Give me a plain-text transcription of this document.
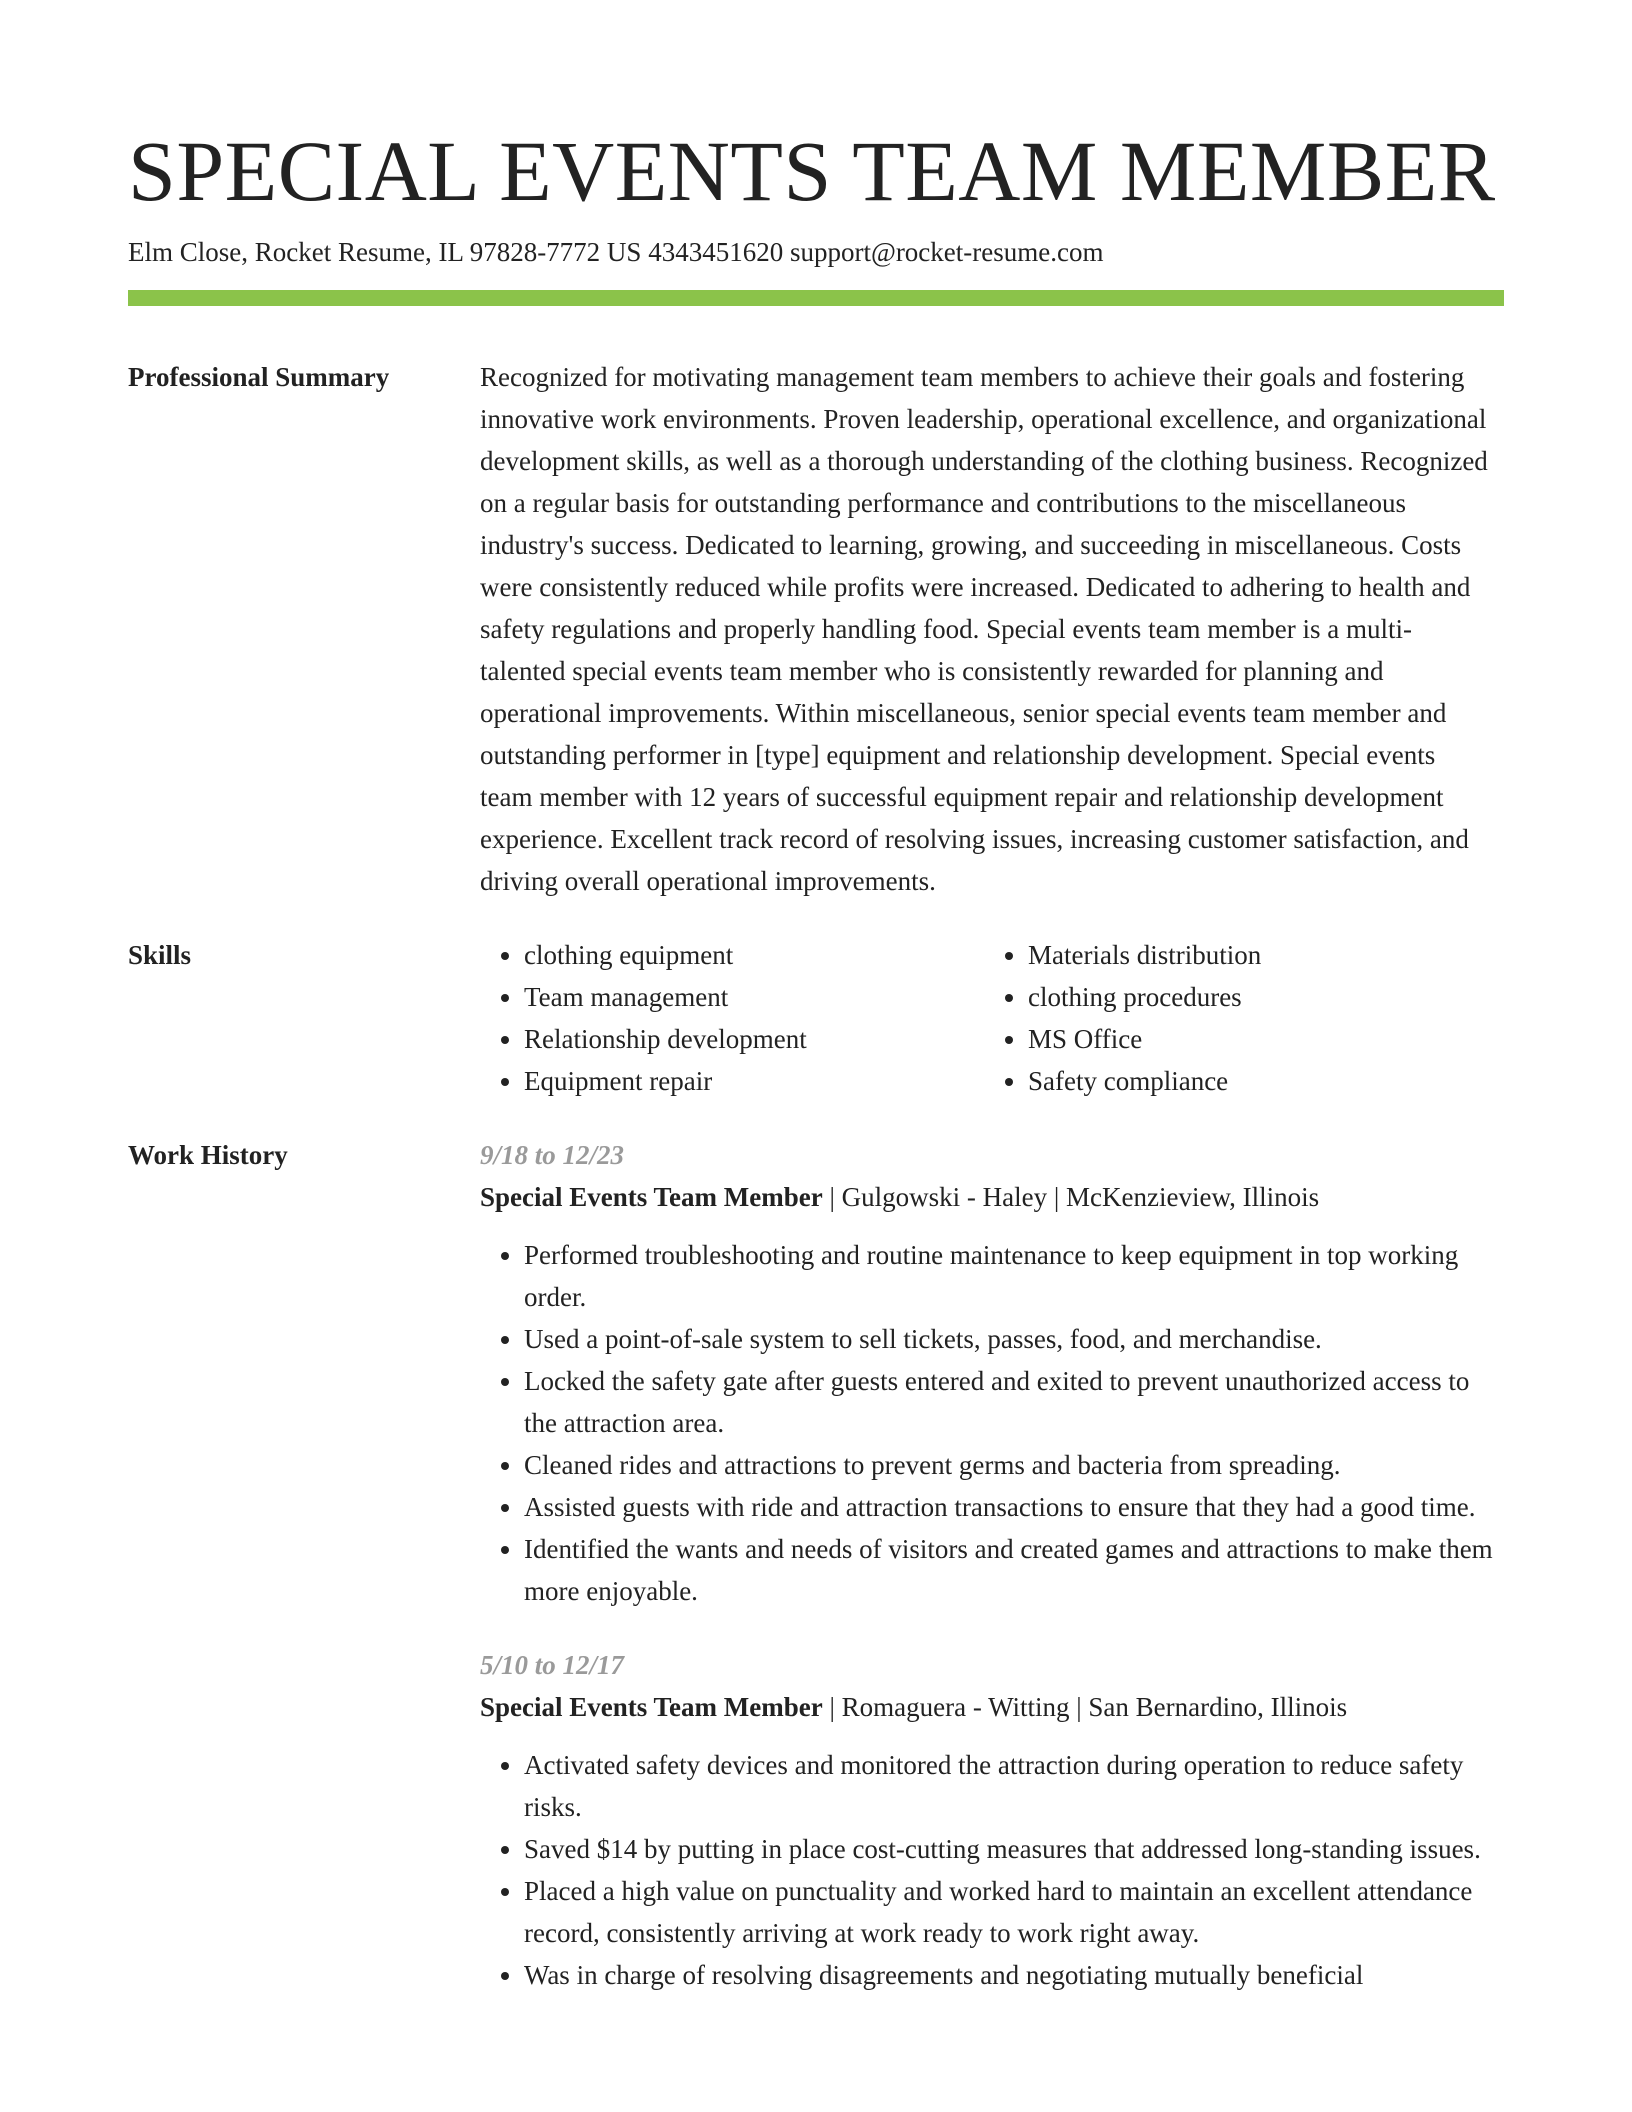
SPECIAL EVENTS TEAM MEMBER
Elm Close, Rocket Resume, IL 97828-7772 US 4343451620 support@rocket-resume.com
Professional Summary	Recognized for motivating management team members to achieve their goals and fostering innovative work environments. Proven leadership, operational excellence, and organizational development skills, as well as a thorough understanding of the clothing business. Recognized on a regular basis for outstanding performance and contributions to the miscellaneous industry's success. Dedicated to learning, growing, and succeeding in miscellaneous. Costs were consistently reduced while profits were increased. Dedicated to adhering to health and safety regulations and properly handling food. Special events team member is a multi-talented special events team member who is consistently rewarded for planning and operational improvements. Within miscellaneous, senior special events team member and outstanding performer in [type] equipment and relationship development. Special events team member with 12 years of successful equipment repair and relationship development experience. Excellent track record of resolving issues, increasing customer satisfaction, and driving overall operational improvements.

Skills
•	clothing equipment
• Team management
• Relationship development
• Equipment repair
• Materials distribution
• clothing procedures
• MS Office
• Safety compliance
Work History	9/18 to 12/23
Special Events Team Member | Gulgowski - Haley | McKenzieview, Illinois
• Performed troubleshooting and routine maintenance to keep equipment in top working order.
• Used a point-of-sale system to sell tickets, passes, food, and merchandise.
• Locked the safety gate after guests entered and exited to prevent unauthorized access to the attraction area.
• Cleaned rides and attractions to prevent germs and bacteria from spreading.
• Assisted guests with ride and attraction transactions to ensure that they had a good time.
• Identified the wants and needs of visitors and created games and attractions to make them more enjoyable.
5/10 to 12/17
Special Events Team Member | Romaguera - Witting | San Bernardino, Illinois
• Activated safety devices and monitored the attraction during operation to reduce safety risks.
• Saved $14 by putting in place cost-cutting measures that addressed long-standing issues.
• Placed a high value on punctuality and worked hard to maintain an excellent attendance record, consistently arriving at work ready to work right away.
• Was in charge of resolving disagreements and negotiating mutually beneficial
